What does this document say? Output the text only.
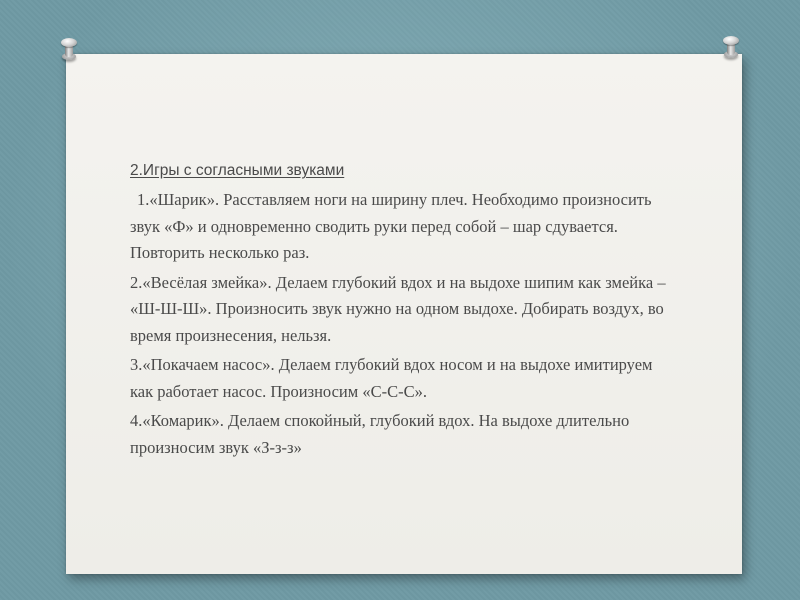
2.Игры с согласными звуками
1.«Шарик». Расставляем ноги на ширину плеч. Необходимо произносить звук «Ф» и одновременно сводить руки перед собой – шар сдувается. Повторить несколько раз.
2.«Весёлая змейка». Делаем глубокий вдох и на выдохе шипим как змейка – «Ш-Ш-Ш». Произносить звук нужно на одном выдохе. Добирать воздух, во время произнесения, нельзя.
3.«Покачаем насос». Делаем глубокий вдох носом и на выдохе имитируем как работает насос. Произносим «С-С-С».
4.«Комарик». Делаем спокойный, глубокий вдох. На выдохе длительно произносим звук «З-з-з»
